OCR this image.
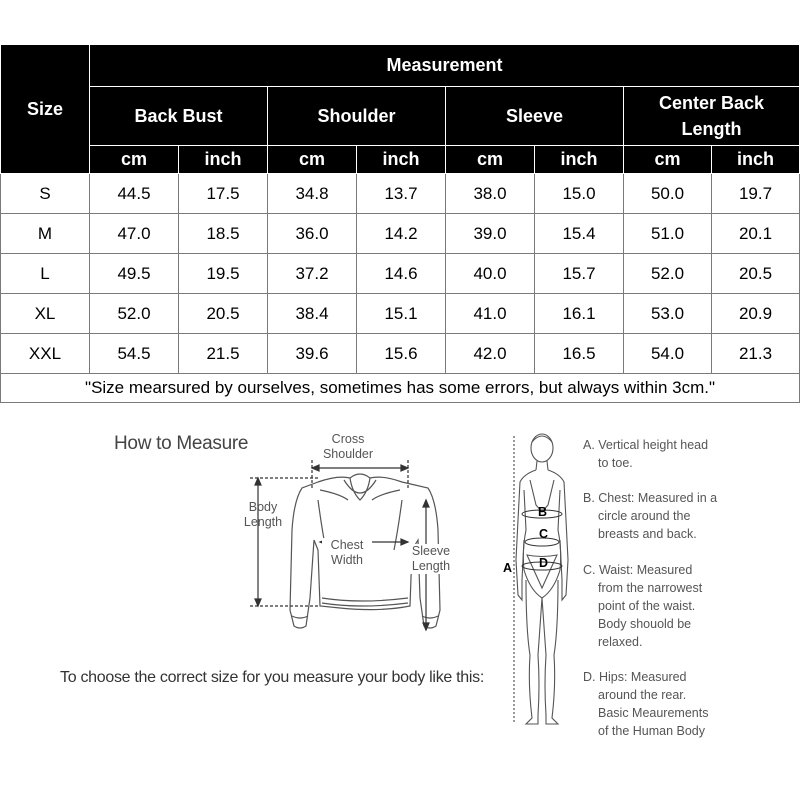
Size	Measurement							
	Back Bust		Shoulder		Sleeve		Center Back Length	
	cm	inch	cm	inch	cm	inch	cm	inch
S	44.5	17.5	34.8	13.7	38.0	15.0	50.0	19.7
M	47.0	18.5	36.0	14.2	39.0	15.4	51.0	20.1
L	49.5	19.5	37.2	14.6	40.0	15.7	52.0	20.5
XL	52.0	20.5	38.4	15.1	41.0	16.1	53.0	20.9
XXL	54.5	21.5	39.6	15.6	42.0	16.5	54.0	21.3
"Size mearsured by ourselves, sometimes has some errors, but always within 3cm."								
How to Measure	Cross
Shoulder
Body
Length
Chest
Width
Sleeve
Length
To choose the correct size for you measure your body like this:
A
B
C
D
A. Vertical height head
to toe.
B. Chest: Measured in a
circle around the
breasts and back.
C. Waist: Measured
from the narrowest
point of the waist.
Body shouold be
relaxed.
D. Hips: Measured
around the rear.
Basic Meaurements
of the Human Body
